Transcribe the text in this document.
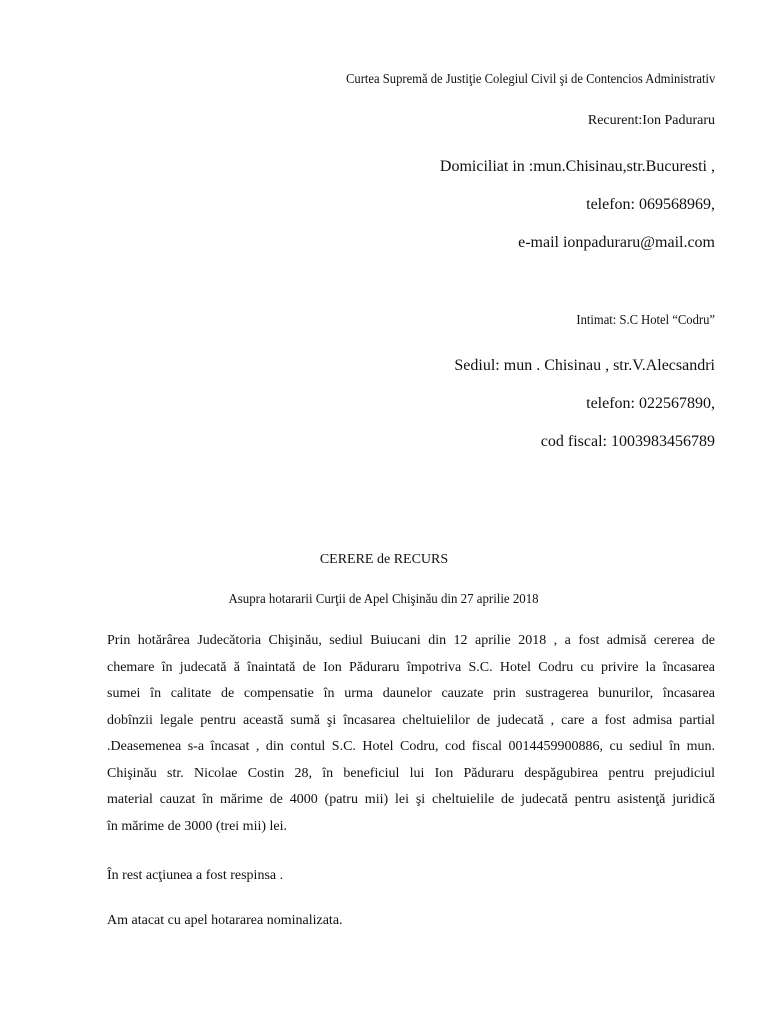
Curtea Supremă de Justiţie Colegiul Civil şi de Contencios Administrativ
Recurent:Ion Paduraru
Domiciliat in :mun.Chisinau,str.Bucuresti ,
telefon: 069568969,
e-mail ionpaduraru@mail.com
Intimat: S.C Hotel “Codru”
Sediul: mun . Chisinau , str.V.Alecsandri
telefon: 022567890,
cod fiscal: 1003983456789
CERERE de RECURS
Asupra hotararii Curţii de Apel Chişinău din 27 aprilie 2018
Prin hotărârea Judecătoria Chişinău, sediul Buiucani din 12 aprilie 2018 , a fost admisă cererea de
chemare în judecată ă înaintată de Ion Păduraru împotriva S.C. Hotel Codru cu privire la încasarea
sumei în calitate de compensatie în urma daunelor cauzate prin sustragerea bunurilor, încasarea
dobînzii legale pentru această sumă şi încasarea cheltuielilor de judecată , care a fost admisa partial
.Deasemenea s-a încasat , din contul S.C. Hotel Codru, cod fiscal 0014459900886, cu sediul în mun.
Chişinău str. Nicolae Costin 28, în beneficiul lui Ion Păduraru despăgubirea pentru prejudiciul
material cauzat în mărime de 4000 (patru mii) lei şi cheltuielile de judecată pentru asistenţă juridică
în mărime de 3000 (trei mii) lei.
În rest acţiunea a fost respinsa .
Am atacat cu apel hotararea nominalizata.
